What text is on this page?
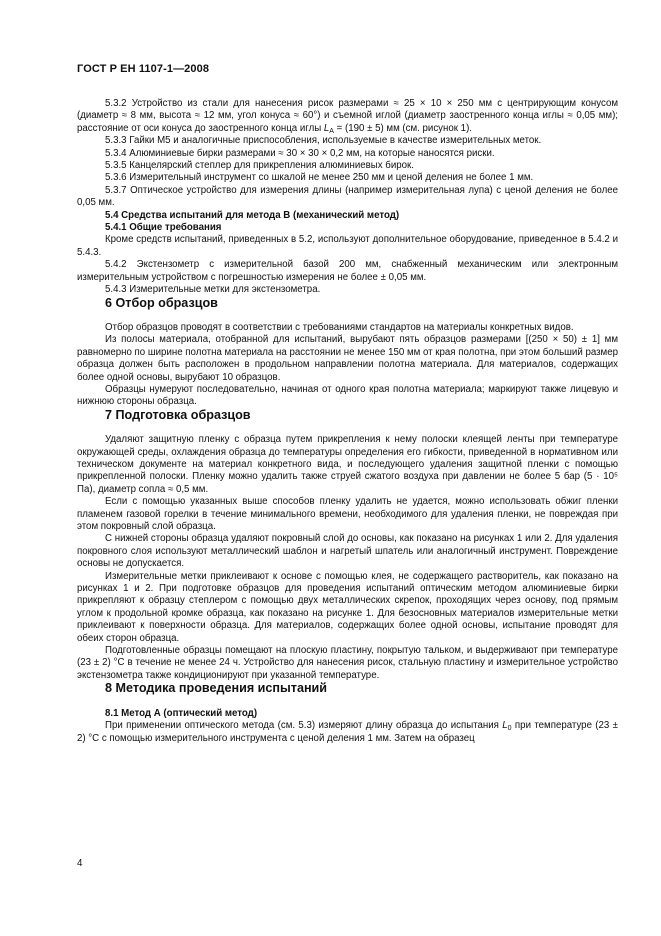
ГОСТ Р ЕН 1107-1—2008

5.3.2 Устройство из стали для нанесения рисок размерами ≈ 25 × 10 × 250 мм с центрирующим конусом (диаметр ≈ 8 мм, высота ≈ 12 мм, угол конуса ≈ 60°) и съемной иглой (диаметр заостренного конца иглы ≈ 0,05 мм); расстояние от оси конуса до заостренного конца иглы $L_A = (190 \pm 5)$ мм (см. рисунок 1).

5.3.3 Гайки M5 и аналогичные приспособления, используемые в качестве измерительных меток.

5.3.4 Алюминиевые бирки размерами ≈ 30 × 30 × 0,2 мм, на которые наносятся риски.

5.3.5 Канцелярский степлер для прикрепления алюминиевых бирок.

5.3.6 Измерительный инструмент со шкалой не менее 250 мм и ценой деления не более 1 мм.

5.3.7 Оптическое устройство для измерения длины (например измерительная лупа) с ценой деления не более 0,05 мм.

5.4 Средства испытаний для метода В (механический метод)

5.4.1 Общие требования

Кроме средств испытаний, приведенных в 5.2, используют дополнительное оборудование, приведенное в 5.4.2 и 5.4.3.

5.4.2 Экстензометр с измерительной базой 200 мм, снабженный механическим или электронным измерительным устройством с погрешностью измерения не более ± 0,05 мм.

5.4.3 Измерительные метки для экстензометра.

6 Отбор образцов

Отбор образцов проводят в соответствии с требованиями стандартов на материалы конкретных видов.

Из полосы материала, отобранной для испытаний, вырубают пять образцов размерами [(250 × 50) ± 1] мм равномерно по ширине полотна материала на расстоянии не менее 150 мм от края полотна, при этом больший размер образца должен быть расположен в продольном направлении полотна материала. Для материалов, содержащих более одной основы, вырубают 10 образцов.

Образцы нумеруют последовательно, начиная от одного края полотна материала; маркируют также лицевую и нижнюю стороны образца.

7 Подготовка образцов

Удаляют защитную пленку с образца путем прикрепления к нему полоски клеящей ленты при температуре окружающей среды, охлаждения образца до температуры определения его гибкости, приведенной в нормативном или техническом документе на материал конкретного вида, и последующего удаления защитной пленки с помощью прикрепленной полоски. Пленку можно удалить также струей сжатого воздуха при давлении не более 5 бар (5 · 10⁵ Па), диаметр сопла ≈ 0,5 мм.

Если с помощью указанных выше способов пленку удалить не удается, можно использовать обжиг пленки пламенем газовой горелки в течение минимального времени, необходимого для удаления пленки, не повреждая при этом покровный слой образца.

С нижней стороны образца удаляют покровный слой до основы, как показано на рисунках 1 или 2. Для удаления покровного слоя используют металлический шаблон и нагретый шпатель или аналогичный инструмент. Повреждение основы не допускается.

Измерительные метки приклеивают к основе с помощью клея, не содержащего растворитель, как показано на рисунках 1 и 2. При подготовке образцов для проведения испытаний оптическим методом алюминиевые бирки прикрепляют к образцу степлером с помощью двух металлических скрепок, проходящих через основу, под прямым углом к продольной кромке образца, как показано на рисунке 1. Для безосновных материалов измерительные метки приклеивают к поверхности образца. Для материалов, содержащих более одной основы, испытание проводят для обеих сторон образца.

Подготовленные образцы помещают на плоскую пластину, покрытую тальком, и выдерживают при температуре (23 ± 2) °C в течение не менее 24 ч. Устройство для нанесения рисок, стальную пластину и измерительное устройство экстензометра также кондиционируют при указанной температуре.

8 Методика проведения испытаний

8.1 Метод А (оптический метод)

При применении оптического метода (см. 5.3) измеряют длину образца до испытания $L_0$ при температуре (23 ± 2) °C с помощью измерительного инструмента с ценой деления 1 мм. Затем на образец

4
